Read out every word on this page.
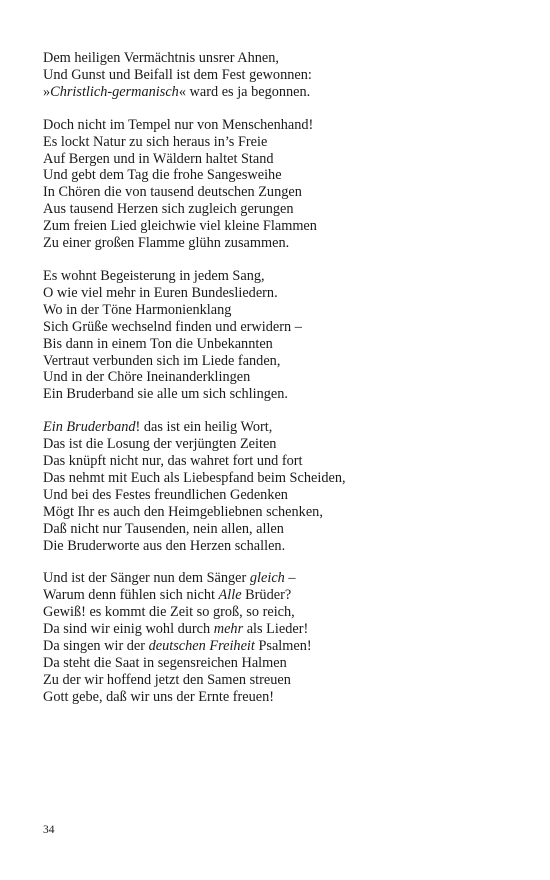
Dem heiligen Vermächtnis unsrer Ahnen,
Und Gunst und Beifall ist dem Fest gewonnen:
»Christlich-germanisch« ward es ja begonnen.
Doch nicht im Tempel nur von Menschenhand!
Es lockt Natur zu sich heraus in’s Freie
Auf Bergen und in Wäldern haltet Stand
Und gebt dem Tag die frohe Sangesweihe
In Chören die von tausend deutschen Zungen
Aus tausend Herzen sich zugleich gerungen
Zum freien Lied gleichwie viel kleine Flammen
Zu einer großen Flamme glühn zusammen.
Es wohnt Begeisterung in jedem Sang,
O wie viel mehr in Euren Bundesliedern.
Wo in der Töne Harmonienklang
Sich Grüße wechselnd finden und erwidern –
Bis dann in einem Ton die Unbekannten
Vertraut verbunden sich im Liede fanden,
Und in der Chöre Ineinanderklingen
Ein Bruderband sie alle um sich schlingen.
Ein Bruderband! das ist ein heilig Wort,
Das ist die Losung der verjüngten Zeiten
Das knüpft nicht nur, das wahret fort und fort
Das nehmt mit Euch als Liebespfand beim Scheiden,
Und bei des Festes freundlichen Gedenken
Mögt Ihr es auch den Heimgebliebnen schenken,
Daß nicht nur Tausenden, nein allen, allen
Die Bruderworte aus den Herzen schallen.
Und ist der Sänger nun dem Sänger gleich –
Warum denn fühlen sich nicht Alle Brüder?
Gewiß! es kommt die Zeit so groß, so reich,
Da sind wir einig wohl durch mehr als Lieder!
Da singen wir der deutschen Freiheit Psalmen!
Da steht die Saat in segensreichen Halmen
Zu der wir hoffend jetzt den Samen streuen
Gott gebe, daß wir uns der Ernte freuen!
34
